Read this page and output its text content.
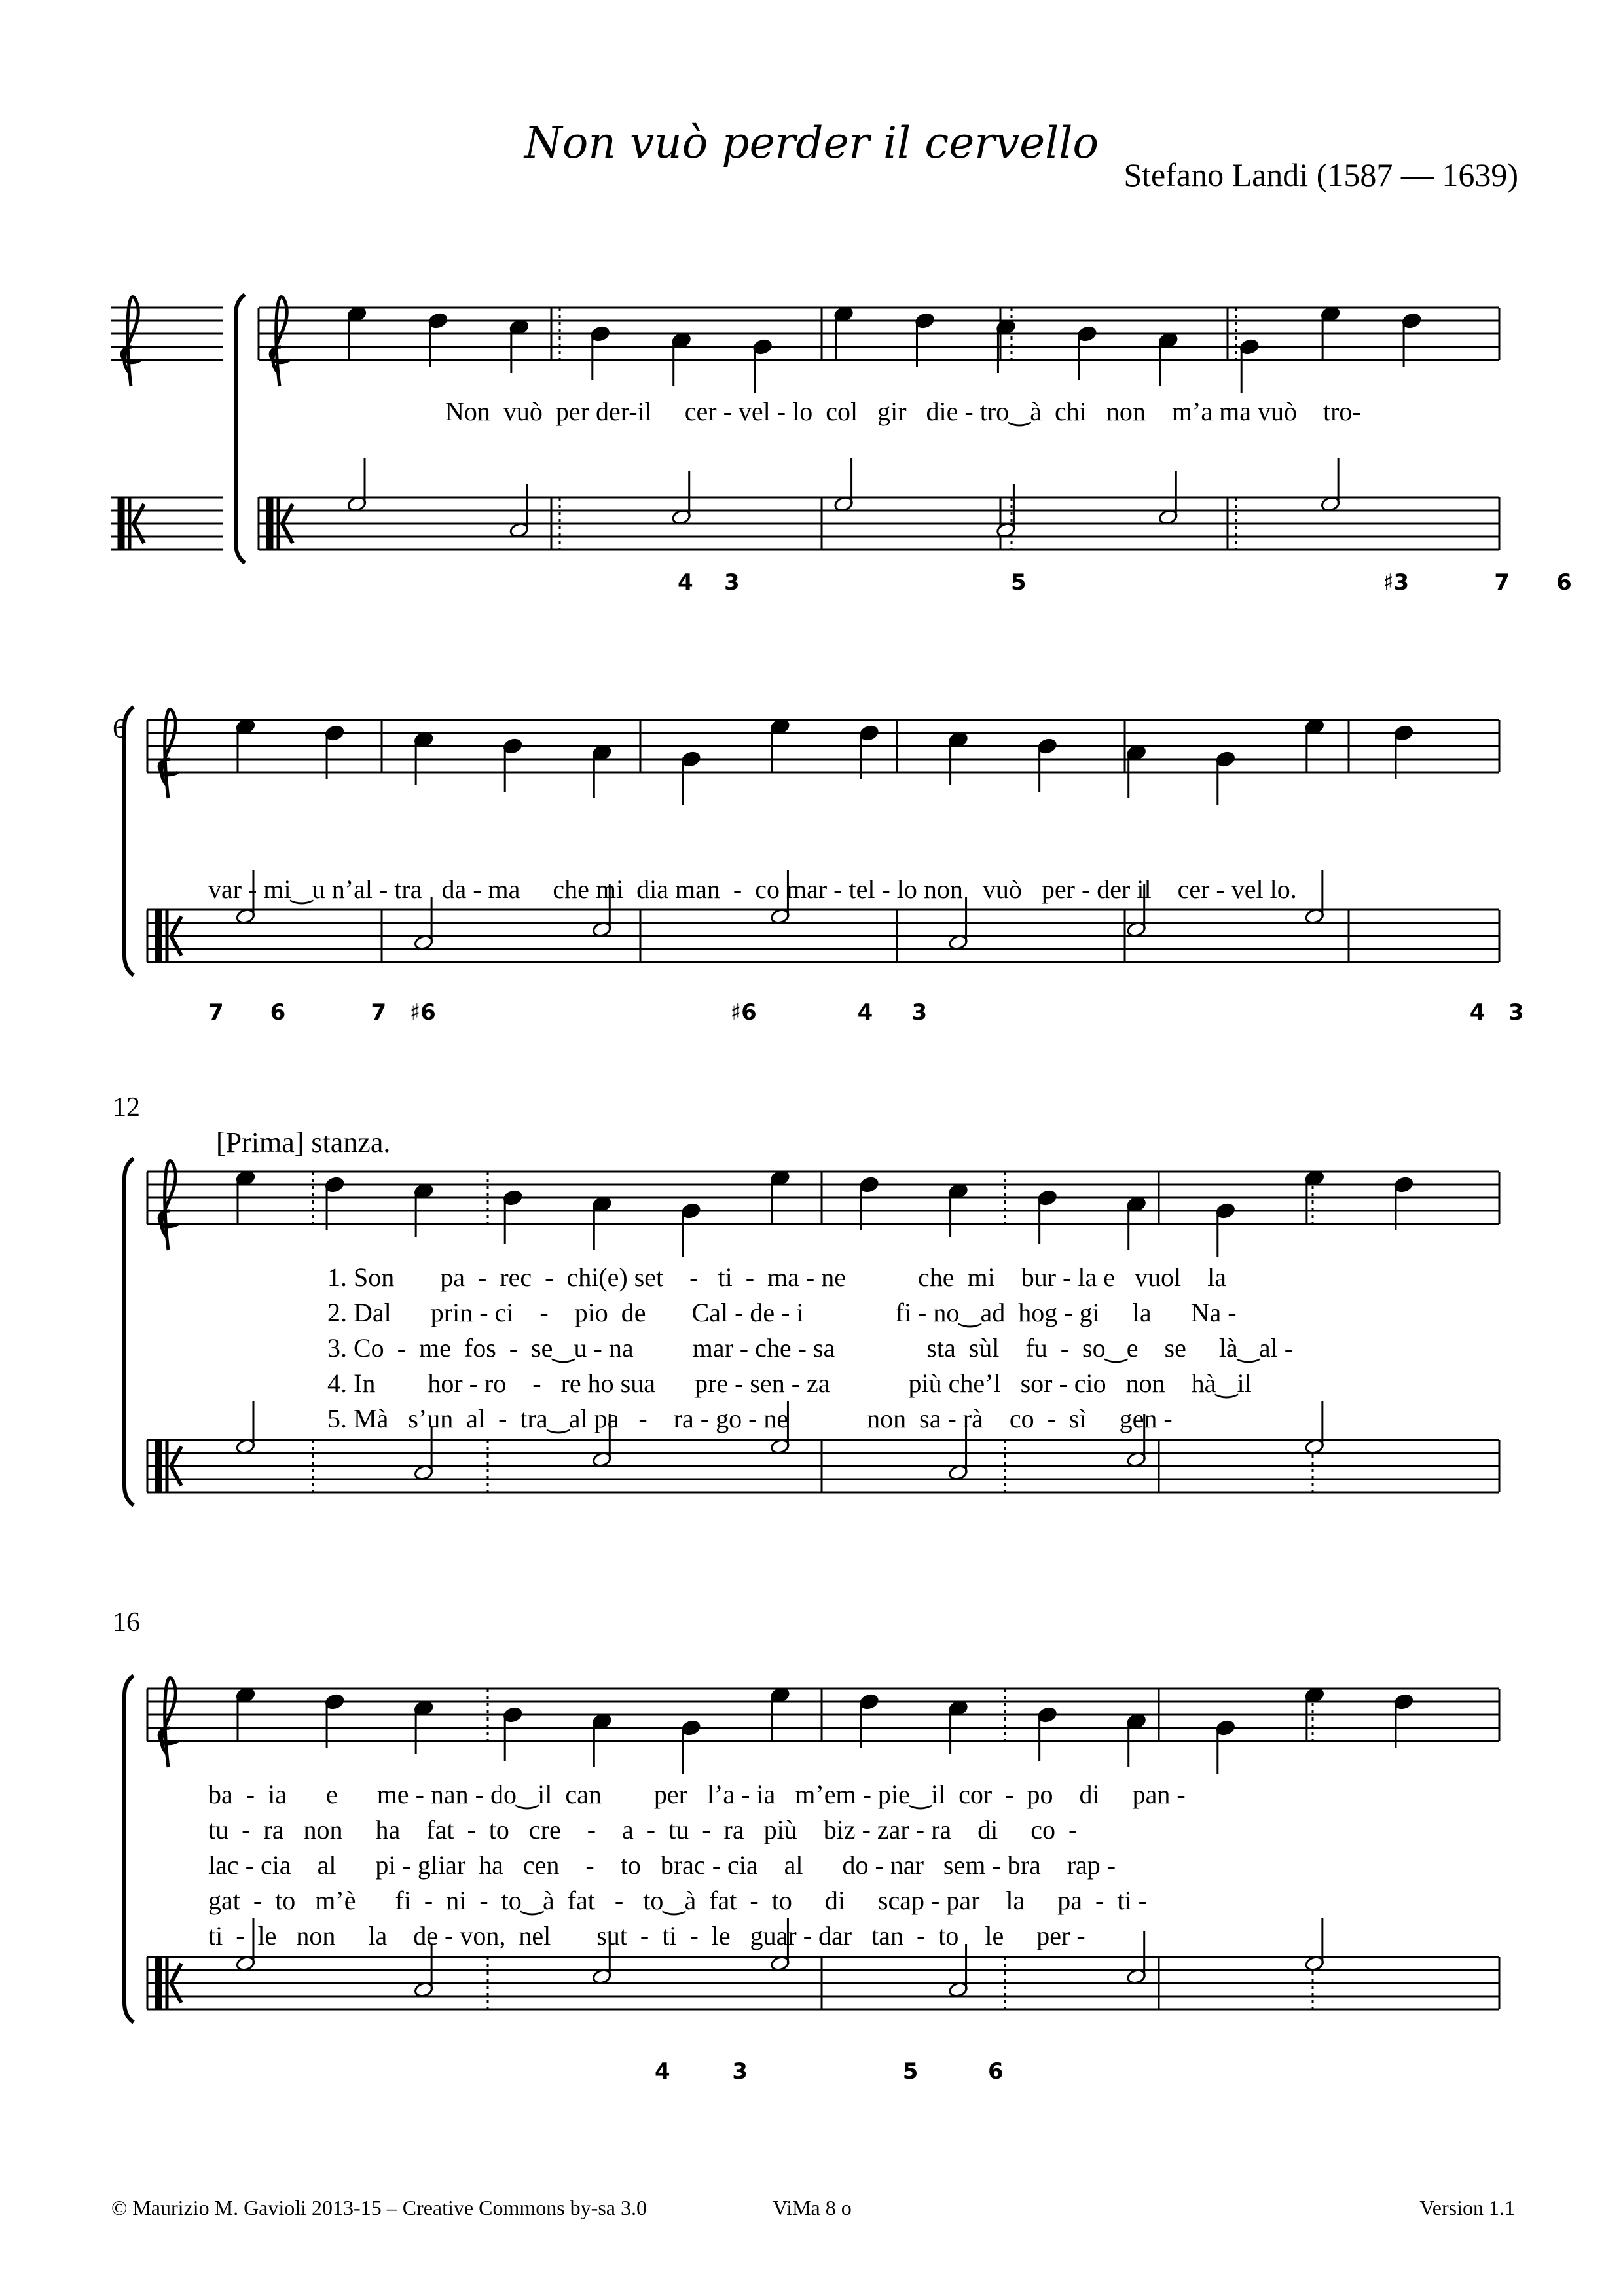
Non vuò perder il cervello
Stefano Landi (1587 — 1639)
6
12
16
[Prima] stanza.
Non  vuò  per der-il     cer - vel - lo  col   gir   die - tro‿à  chi   non    m’a ma vuò    tro-
4    3                                   5                                              ♯3           7      6
var - mi‿u n’al - tra   da - ma     che mi  dia man  -  co mar - tel - lo non   vuò   per - der il    cer - vel lo.
7      6           7   ♯6                                      ♯6             4     3                                                                      4   3
1. Son       pa  -  rec  -  chi(e) set    -   ti  -  ma - ne           che  mi    bur - la e   vuol    la
2. Dal      prin - ci    -    pio  de       Cal - de - i              fi - no‿ad  hog - gi     la      Na -
3. Co  -  me  fos  -  se‿u - na         mar - che - sa              sta  sùl    fu  -  so‿e    se     là‿al -
4. In        hor - ro    -   re ho sua      pre - sen - za            più che’l   sor - cio   non    hà‿il
5. Mà   s’un  al  -  tra‿al pa   -    ra - go - ne            non  sa - rà    co  -  sì     gen -
ba  -  ia      e      me - nan - do‿il  can        per   l’a - ia   m’em - pie‿il  cor  -  po    di     pan -
tu  -  ra   non     ha    fat  -  to   cre    -    a  -  tu  -  ra   più    biz - zar - ra    di     co  -
lac - cia    al      pi - gliar  ha   cen    -    to   brac - cia    al      do - nar   sem - bra    rap -
gat  -  to   m’è      fi  -  ni  -  to‿à  fat   -   to‿à  fat  -  to     di     scap - par    la     pa  -  ti -
ti  -  le   non     la    de - von,  nel       sut  -  ti  -  le   guar - dar   tan  -  to    le     per -
4        3                    5         6
© Maurizio M. Gavioli 2013-15 – Creative Commons by-sa 3.0	ViMa 8 o	Version 1.1
